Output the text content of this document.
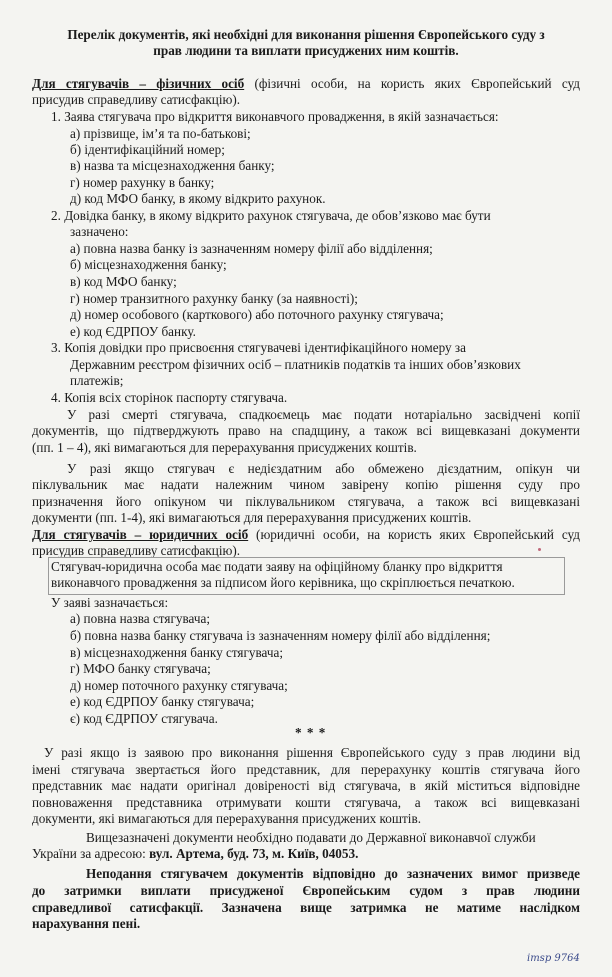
Перелік документів, які необхідні для виконання рішення Європейського суду з
прав людини та виплати присуджених ним коштів.
Для стягувачів – фізичних осіб (фізичні особи, на користь яких Європейський суд
присудив справедливу сатисфакцію).
1. Заява стягувача про відкриття виконавчого провадження, в якій зазначається:
а) прізвище, ім’я та по-батькові;
б) ідентифікаційний номер;
в) назва та місцезнаходження банку;
г) номер рахунку в банку;
д) код МФО банку, в якому відкрито рахунок.
2. Довідка банку, в якому відкрито рахунок стягувача, де обов’язково має бути
зазначено:
а) повна назва банку із зазначенням номеру філії або відділення;
б) місцезнаходження банку;
в) код МФО банку;
г) номер транзитного рахунку банку (за наявності);
д) номер особового (карткового) або поточного рахунку стягувача;
е) код ЄДРПОУ банку.
3. Копія довідки про присвоєння стягувачеві ідентифікаційного номеру за
Державним реєстром фізичних осіб – платників податків та інших обов’язкових
платежів;
4. Копія всіх сторінок паспорту стягувача.
У разі смерті стягувача, спадкоємець має подати нотаріально засвідчені копії
документів, що підтверджують право на спадщину, а також всі вищевказані документи
(пп. 1 – 4), які вимагаються для перерахування присуджених коштів.
У разі якщо стягувач є недієздатним або обмежено дієздатним, опікун чи
піклувальник має надати належним чином завірену копію рішення суду про
призначення його опікуном чи піклувальником стягувача, а також всі вищевказані
документи (пп. 1-4), які вимагаються для перерахування присуджених коштів.
Для стягувачів – юридичних осіб (юридичні особи, на користь яких Європейський суд
присудив справедливу сатисфакцію).
Стягувач-юридична особа має подати заяву на офіційному бланку про відкриття
виконавчого провадження за підписом його керівника, що скріплюється печаткою.
У заяві зазначається:
а) повна назва стягувача;
б) повна назва банку стягувача із зазначенням номеру філії або відділення;
в) місцезнаходження банку стягувача;
г) МФО банку стягувача;
д) номер поточного рахунку стягувача;
е) код ЄДРПОУ банку стягувача;
є) код ЄДРПОУ стягувача.
* * *
У разі якщо із заявою про виконання рішення Європейського суду з прав людини від
імені стягувача звертається його представник, для перерахунку коштів стягувача його
представник має надати оригінал довіреності від стягувача, в якій міститься відповідне
повноваження представника отримувати кошти стягувача, а також всі вищевказані
документи, які вимагаються для перерахування присуджених коштів.
Вищезазначені документи необхідно подавати до Державної виконавчої служби
України за адресою: вул. Артема, буд. 73, м. Київ, 04053.
Неподання стягувачем документів відповідно до зазначених вимог призведе
до затримки виплати присудженої Європейським судом з прав людини
справедливої сатисфакції. Зазначена вище затримка не матиме наслідком
нарахування пені.
imsp 9764
